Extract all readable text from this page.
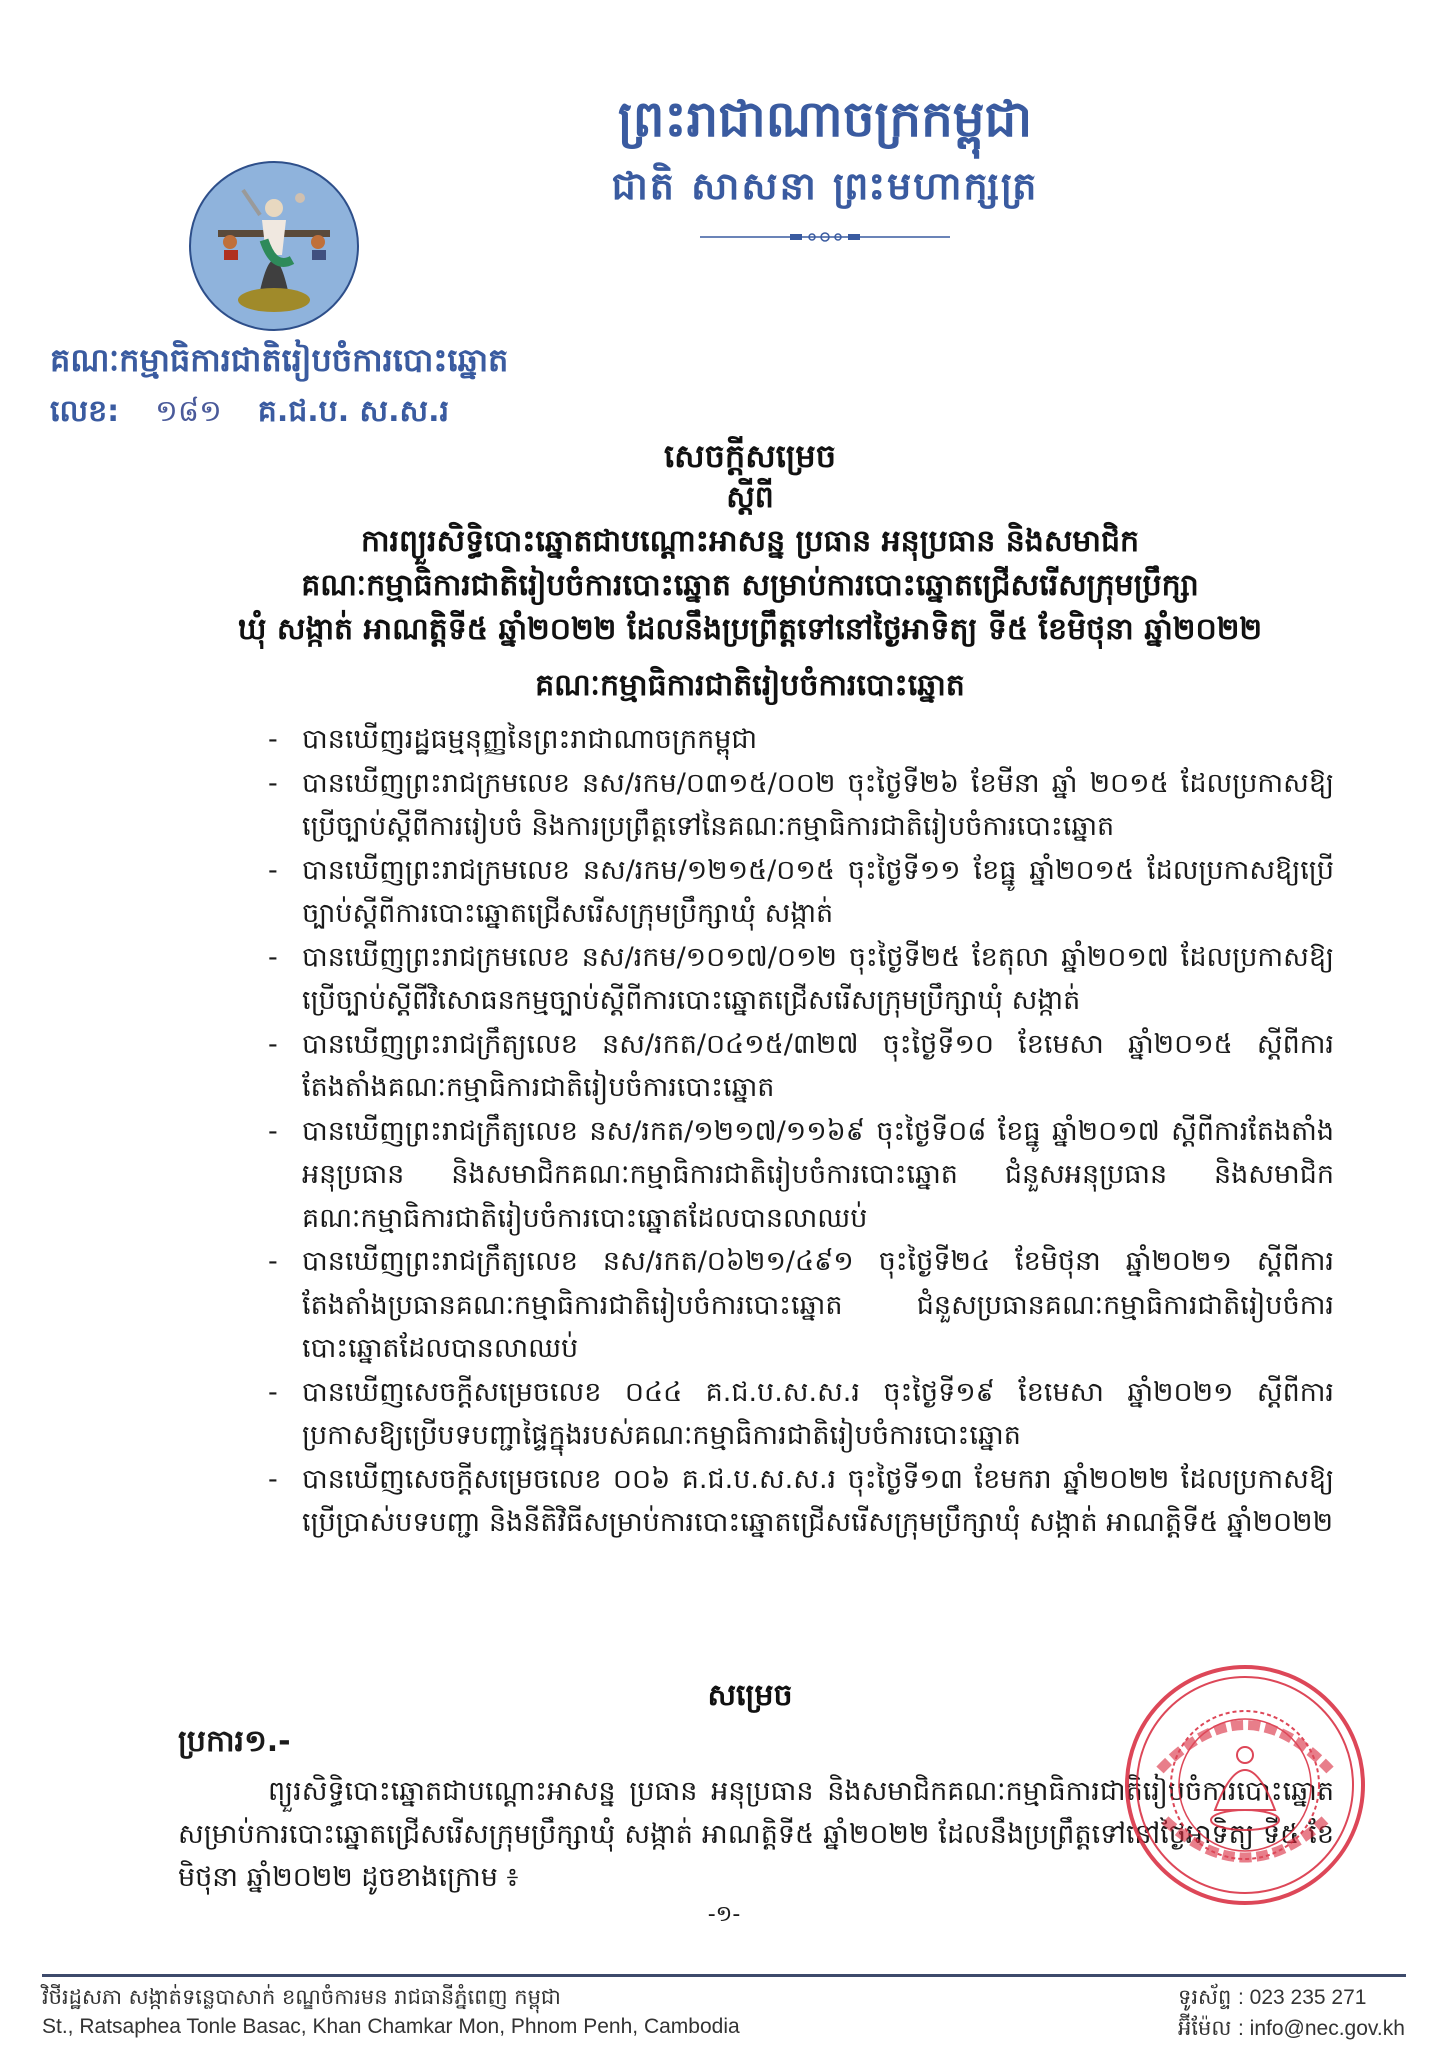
ព្រះរាជាណាចក្រកម្ពុជា
ជាតិ សាសនា ព្រះមហាក្សត្រ
គណៈកម្មាធិការជាតិរៀបចំការបោះឆ្នោត
លេខ: ១៨១ គ.ជ.ប. ស.ស.រ
សេចក្តីសម្រេច
ស្តីពី
ការព្យួរសិទ្ធិបោះឆ្នោតជាបណ្តោះអាសន្ន ប្រធាន អនុប្រធាន និងសមាជិក
គណៈកម្មាធិការជាតិរៀបចំការបោះឆ្នោត សម្រាប់ការបោះឆ្នោតជ្រើសរើសក្រុមប្រឹក្សា
ឃុំ សង្កាត់ អាណត្តិទី៥ ឆ្នាំ២០២២ ដែលនឹងប្រព្រឹត្តទៅនៅថ្ងៃអាទិត្យ ទី៥ ខែមិថុនា ឆ្នាំ២០២២
គណៈកម្មាធិការជាតិរៀបចំការបោះឆ្នោត
- បានឃើញរដ្ឋធម្មនុញ្ញនៃព្រះរាជាណាចក្រកម្ពុជា
- បានឃើញព្រះរាជក្រមលេខ នស/រកម/០៣១៥/០០២ ចុះថ្ងៃទី២៦ ខែមីនា ឆ្នាំ ២០១៥ ដែលប្រកាសឱ្យប្រើច្បាប់ស្តីពីការរៀបចំ និងការប្រព្រឹត្តទៅនៃគណៈកម្មាធិការជាតិរៀបចំការបោះឆ្នោត
- បានឃើញព្រះរាជក្រមលេខ នស/រកម/១២១៥/០១៥ ចុះថ្ងៃទី១១ ខែធ្នូ ឆ្នាំ២០១៥ ដែលប្រកាសឱ្យប្រើច្បាប់ស្តីពីការបោះឆ្នោតជ្រើសរើសក្រុមប្រឹក្សាឃុំ សង្កាត់
- បានឃើញព្រះរាជក្រមលេខ នស/រកម/១០១៧/០១២ ចុះថ្ងៃទី២៥ ខែតុលា ឆ្នាំ២០១៧ ដែលប្រកាសឱ្យប្រើច្បាប់ស្តីពីវិសោធនកម្មច្បាប់ស្តីពីការបោះឆ្នោតជ្រើសរើសក្រុមប្រឹក្សាឃុំ សង្កាត់
- បានឃើញព្រះរាជក្រឹត្យលេខ នស/រកត/០៤១៥/៣២៧ ចុះថ្ងៃទី១០ ខែមេសា ឆ្នាំ២០១៥ ស្តីពីការតែងតាំងគណៈកម្មាធិការជាតិរៀបចំការបោះឆ្នោត
- បានឃើញព្រះរាជក្រឹត្យលេខ នស/រកត/១២១៧/១១៦៩ ចុះថ្ងៃទី០៨ ខែធ្នូ ឆ្នាំ២០១៧ ស្តីពីការតែងតាំងអនុប្រធាន និងសមាជិកគណៈកម្មាធិការជាតិរៀបចំការបោះឆ្នោត ជំនួសអនុប្រធាន និងសមាជិកគណៈកម្មាធិការជាតិរៀបចំការបោះឆ្នោតដែលបានលាឈប់
- បានឃើញព្រះរាជក្រឹត្យលេខ នស/រកត/០៦២១/៤៩១ ចុះថ្ងៃទី២៤ ខែមិថុនា ឆ្នាំ២០២១ ស្តីពីការតែងតាំងប្រធានគណៈកម្មាធិការជាតិរៀបចំការបោះឆ្នោត ជំនួសប្រធានគណៈកម្មាធិការជាតិរៀបចំការបោះឆ្នោតដែលបានលាឈប់
- បានឃើញសេចក្តីសម្រេចលេខ ០៤៤ គ.ជ.ប.ស.ស.រ ចុះថ្ងៃទី១៩ ខែមេសា ឆ្នាំ២០២១ ស្តីពីការប្រកាសឱ្យប្រើបទបញ្ជាផ្ទៃក្នុងរបស់គណៈកម្មាធិការជាតិរៀបចំការបោះឆ្នោត
- បានឃើញសេចក្តីសម្រេចលេខ ០០៦ គ.ជ.ប.ស.ស.រ ចុះថ្ងៃទី១៣ ខែមករា ឆ្នាំ២០២២ ដែលប្រកាសឱ្យប្រើប្រាស់បទបញ្ជា និងនីតិវិធីសម្រាប់ការបោះឆ្នោតជ្រើសរើសក្រុមប្រឹក្សាឃុំ សង្កាត់ អាណត្តិទី៥ ឆ្នាំ២០២២
សម្រេច
ប្រការ១.-
ព្យួរសិទ្ធិបោះឆ្នោតជាបណ្តោះអាសន្ន ប្រធាន អនុប្រធាន និងសមាជិកគណៈកម្មាធិការជាតិរៀបចំការបោះឆ្នោត សម្រាប់ការបោះឆ្នោតជ្រើសរើសក្រុមប្រឹក្សាឃុំ សង្កាត់ អាណត្តិទី៥ ឆ្នាំ២០២២ ដែលនឹងប្រព្រឹត្តទៅនៅថ្ងៃអាទិត្យ ទី៥ ខែមិថុនា ឆ្នាំ២០២២ ដូចខាងក្រោម ៖
-១-
វិថីរដ្ឋសភា សង្កាត់ទន្លេបាសាក់ ខណ្ឌចំការមន រាជធានីភ្នំពេញ កម្ពុជា
St., Ratsaphea Tonle Basac, Khan Chamkar Mon, Phnom Penh, Cambodia
ទូរស័ព្ទ : 023 235 271
អ៊ីម៉ែល : info@nec.gov.kh
